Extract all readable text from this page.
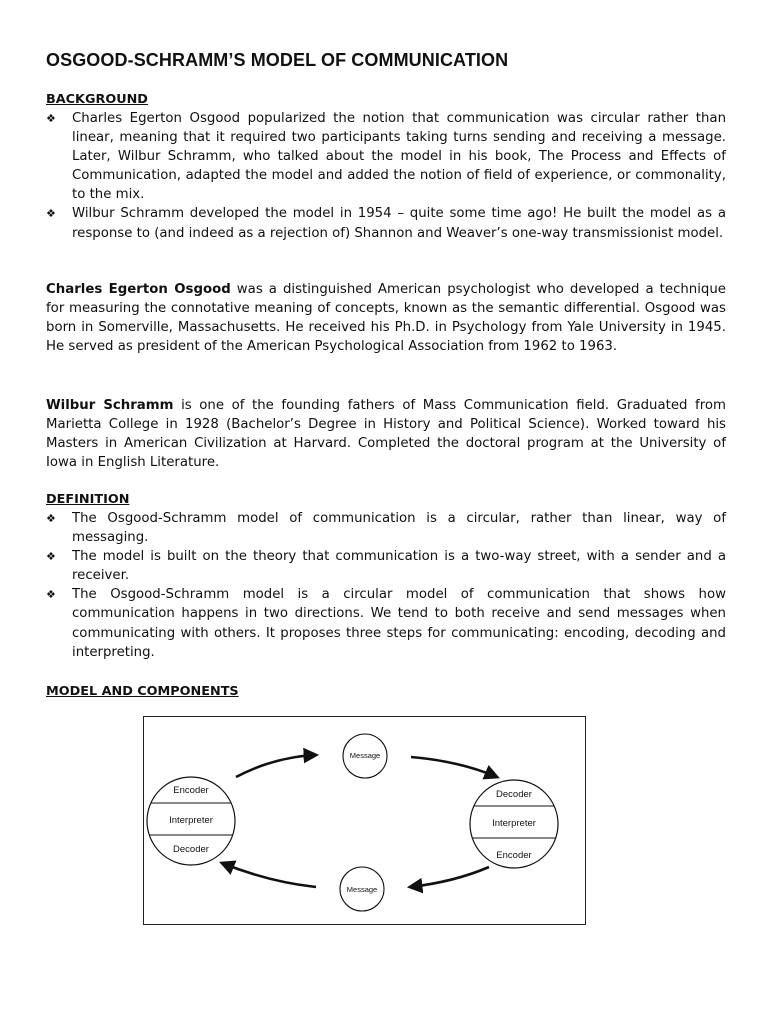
OSGOOD-SCHRAMM’S MODEL OF COMMUNICATION
BACKGROUND
❖ Charles Egerton Osgood popularized the notion that communication was circular rather than linear, meaning that it required two participants taking turns sending and receiving a message. Later, Wilbur Schramm, who talked about the model in his book, The Process and Effects of Communication, adapted the model and added the notion of field of experience, or commonality, to the mix.
❖ Wilbur Schramm developed the model in 1954 – quite some time ago! He built the model as a response to (and indeed as a rejection of) Shannon and Weaver’s one-way transmissionist model.

Charles Egerton Osgood was a distinguished American psychologist who developed a technique for measuring the connotative meaning of concepts, known as the semantic differential. Osgood was born in Somerville, Massachusetts. He received his Ph.D. in Psychology from Yale University in 1945. He served as president of the American Psychological Association from 1962 to 1963.

Wilbur Schramm is one of the founding fathers of Mass Communication field. Graduated from Marietta College in 1928 (Bachelor’s Degree in History and Political Science). Worked toward his Masters in American Civilization at Harvard. Completed the doctoral program at the University of Iowa in English Literature.

DEFINITION
❖ The Osgood-Schramm model of communication is a circular, rather than linear, way of messaging.
❖ The model is built on the theory that communication is a two-way street, with a sender and a receiver.
❖ The Osgood-Schramm model is a circular model of communication that shows how communication happens in two directions. We tend to both receive and send messages when communicating with others. It proposes three steps for communicating: encoding, decoding and interpreting.
MODEL AND COMPONENTS
Encoder
Interpreter
Decoder
Decoder
Interpreter
Encoder
Message
Message
